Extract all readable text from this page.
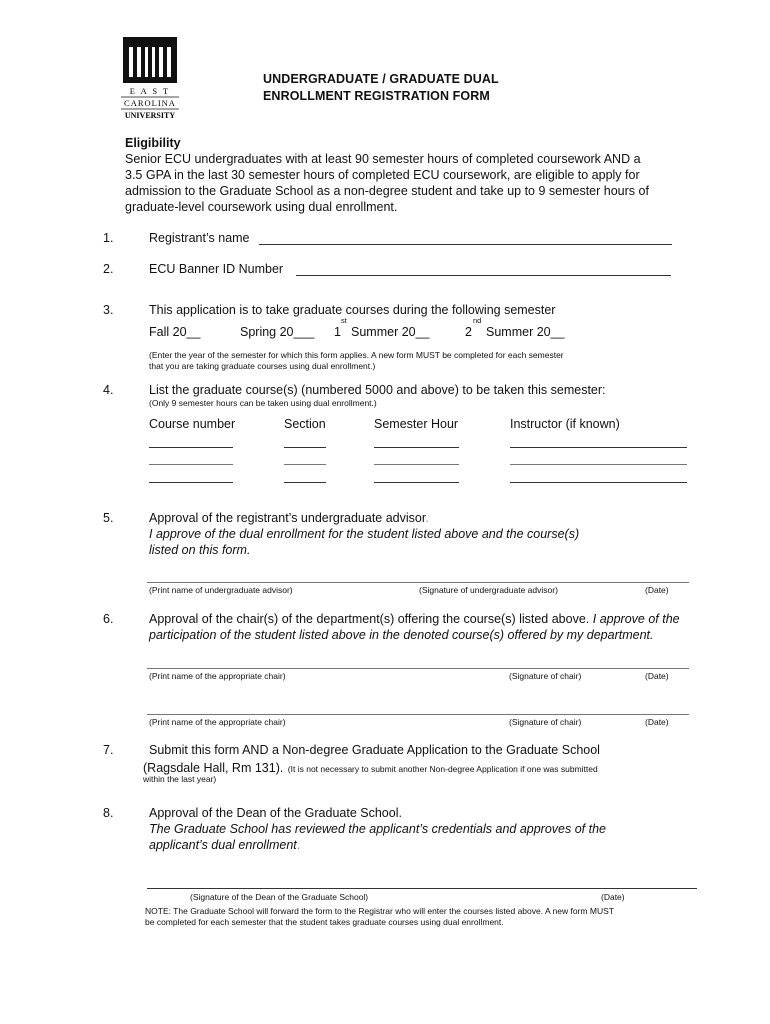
E A S T
CAROLINA
UNIVERSITY
UNDERGRADUATE / GRADUATE DUAL
ENROLLMENT REGISTRATION FORM
Eligibility
Senior ECU undergraduates with at least 90 semester hours of completed coursework AND a
3.5 GPA in the last 30 semester hours of completed ECU coursework, are eligible to apply for
admission to the Graduate School as a non-degree student and take up to 9 semester hours of
graduate-level coursework using dual enrollment.
1.	Registrant’s name
2.	ECU Banner ID Number
3.	This application is to take graduate courses during the following semester
Fall 20__	Spring 20___ 1
st
Summer 20__	2
nd
Summer 20__
(Enter the year of the semester for which this form applies. A new form MUST be completed for each semester
that you are taking graduate courses using dual enrollment.)
4.	List the graduate course(s) (numbered 5000 and above) to be taken this semester:
(Only 9 semester hours can be taken using dual enrollment.)
Course number	Section	Semester Hour	Instructor (if known)
5.	Approval of the registrant’s undergraduate advisor.
I approve of the dual enrollment for the student listed above and the course(s)
listed on this form.
(Print name of undergraduate advisor)	(Signature of undergraduate advisor)	(Date)
6.	Approval of the chair(s) of the department(s) offering the course(s) listed above. I approve of the
participation of the student listed above in the denoted course(s) offered by my department.
(Print name of the appropriate chair)	(Signature of chair)	(Date)
(Print name of the appropriate chair)	(Signature of chair)	(Date)
7.	Submit this form AND a Non-degree Graduate Application to the Graduate School
(Ragsdale Hall, Rm 131). (It is not necessary to submit another Non-degree Application if one was submitted
within the last year)
8.	Approval of the Dean of the Graduate School.
The Graduate School has reviewed the applicant’s credentials and approves of the
applicant’s dual enrollment.
(Signature of the Dean of the Graduate School)	(Date)
NOTE: The Graduate School will forward the form to the Registrar who will enter the courses listed above. A new form MUST
be completed for each semester that the student takes graduate courses using dual enrollment.
